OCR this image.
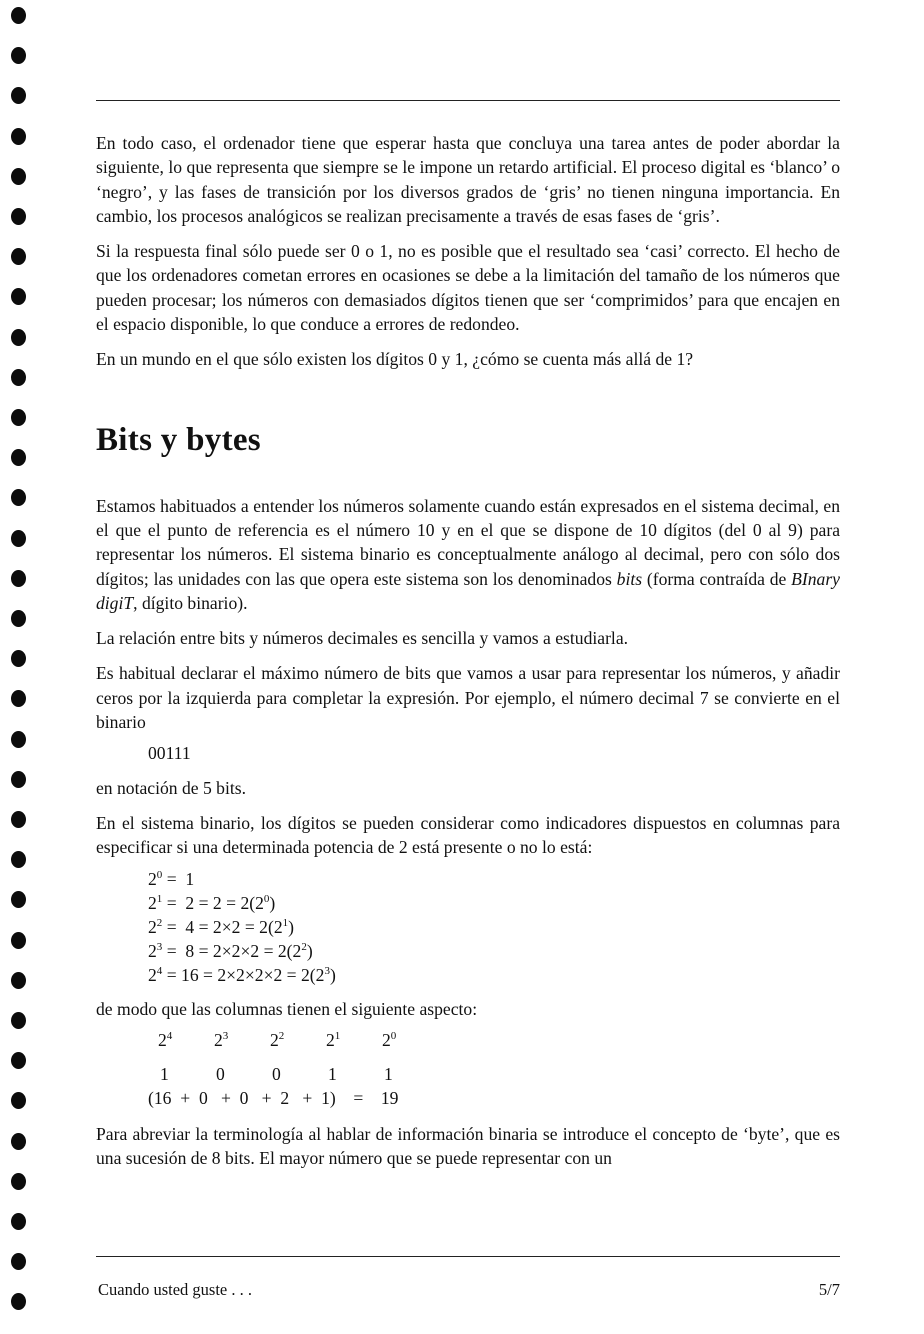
En todo caso, el ordenador tiene que esperar hasta que concluya una tarea antes de poder abordar la siguiente, lo que representa que siempre se le impone un retardo artificial. El proceso digital es ‘blanco’ o ‘negro’, y las fases de transición por los diversos grados de ‘gris’ no tienen ninguna importancia. En cambio, los procesos analógicos se realizan precisamente a través de esas fases de ‘gris’.

Si la respuesta final sólo puede ser 0 o 1, no es posible que el resultado sea ‘casi’ correcto. El hecho de que los ordenadores cometan errores en ocasiones se debe a la limitación del tamaño de los números que pueden procesar; los números con demasiados dígitos tienen que ser ‘comprimidos’ para que encajen en el espacio disponible, lo que conduce a errores de redondeo.

En un mundo en el que sólo existen los dígitos 0 y 1, ¿cómo se cuenta más allá de 1?

Bits y bytes

Estamos habituados a entender los números solamente cuando están expresados en el sistema decimal, en el que el punto de referencia es el número 10 y en el que se dispone de 10 dígitos (del 0 al 9) para representar los números. El sistema binario es conceptualmente análogo al decimal, pero con sólo dos dígitos; las unidades con las que opera este sistema son los denominados bits (forma contraída de BInary digiT, dígito binario).

La relación entre bits y números decimales es sencilla y vamos a estudiarla.

Es habitual declarar el máximo número de bits que vamos a usar para representar los números, y añadir ceros por la izquierda para completar la expresión. Por ejemplo, el número decimal 7 se convierte en el binario

00111

en notación de 5 bits.

En el sistema binario, los dígitos se pueden considerar como indicadores dispuestos en columnas para especificar si una determinada potencia de 2 está presente o no lo está:

$2^0 = 1$
$2^1 = 2 = 2 = 2(2^0)$
$2^2 = 4 = 2\times 2 = 2(2^1)$
$2^3 = 8 = 2\times 2\times 2 = 2(2^2)$
$2^4 = 16 = 2\times 2\times 2\times 2 = 2(2^3)$

de modo que las columnas tienen el siguiente aspecto:

$2^4$ $2^3$ $2^2$ $2^1$ $2^0$
1	0	0	1	1
(16  +  0   +  0   +  2   +  1)    =    19

Para abreviar la terminología al hablar de información binaria se introduce el concepto de ‘byte’, que es una sucesión de 8 bits. El mayor número que se puede representar con un

Cuando usted guste . . .	5/7
